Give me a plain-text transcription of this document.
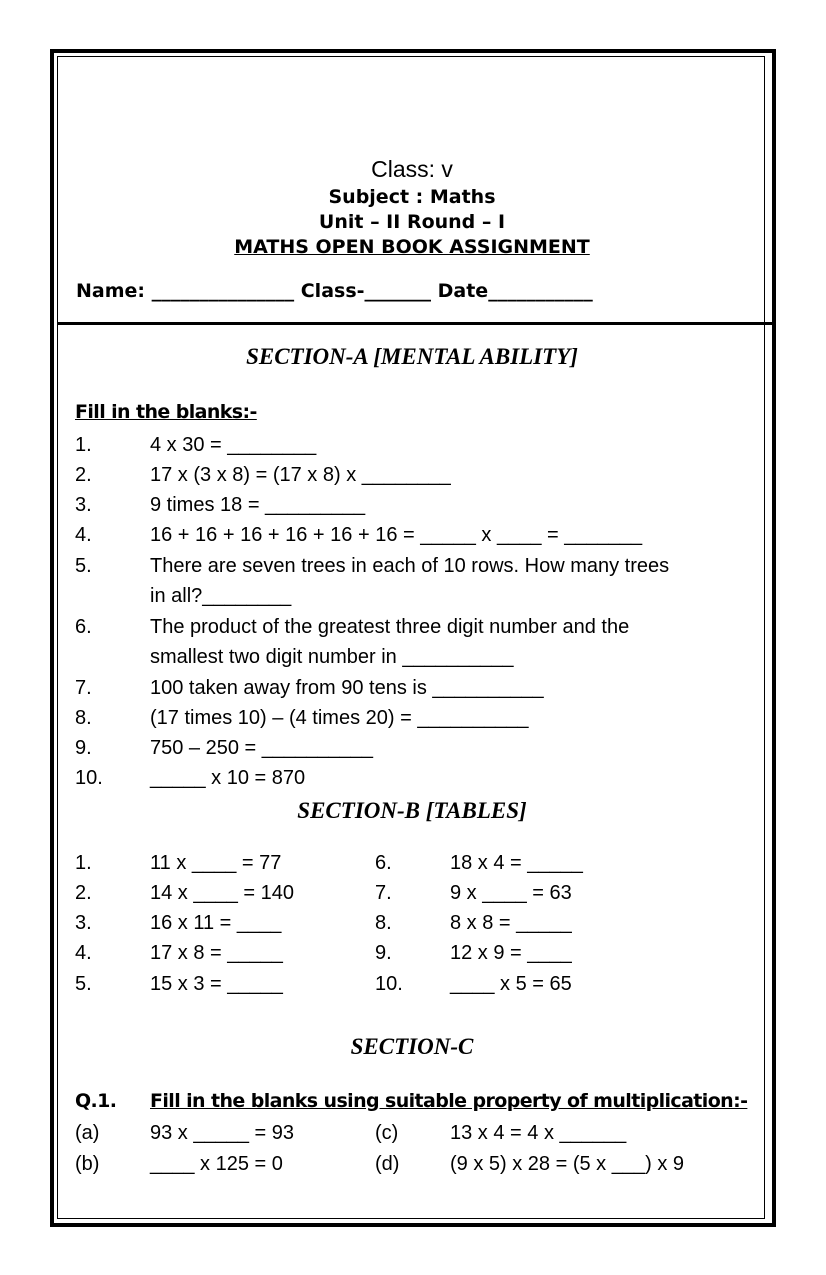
Class: v
Subject : Maths
Unit – II Round – I
MATHS OPEN BOOK ASSIGNMENT
Name: _______________ Class-_______ Date___________
SECTION-A [MENTAL ABILITY]
Fill in the blanks:-
1.	4 x 30 = ________
2.	17 x (3 x 8) = (17 x 8) x ________
3.	9 times 18 = _________
4.	16 + 16 + 16 + 16 + 16 + 16 = _____ x ____ = _______
5.	There are seven trees in each of 10 rows. How many trees
in all?________
6.	The product of the greatest three digit number and the
smallest two digit number in __________
7.	100 taken away from 90 tens is __________
8.	(17 times 10) – (4 times 20) = __________
9.	750 – 250 = __________
10. _____ x 10 = 870
SECTION-B [TABLES]
1.	11 x ____ = 77	6.	18 x 4 = _____
2.	14 x ____ = 140	7.	9 x ____ = 63
3.	16 x 11 = ____	8.	8 x 8 = _____
4.	17 x 8 = _____	9.	12 x 9 = ____
5.	15 x 3 = _____	10. ____ x 5 = 65
SECTION-C
Q.1. Fill in the blanks using suitable property of multiplication:-
(a)	93 x _____ = 93	(c)	13 x 4 = 4 x ______
(b)	____ x 125 = 0	(d)	(9 x 5) x 28 = (5 x ___) x 9
